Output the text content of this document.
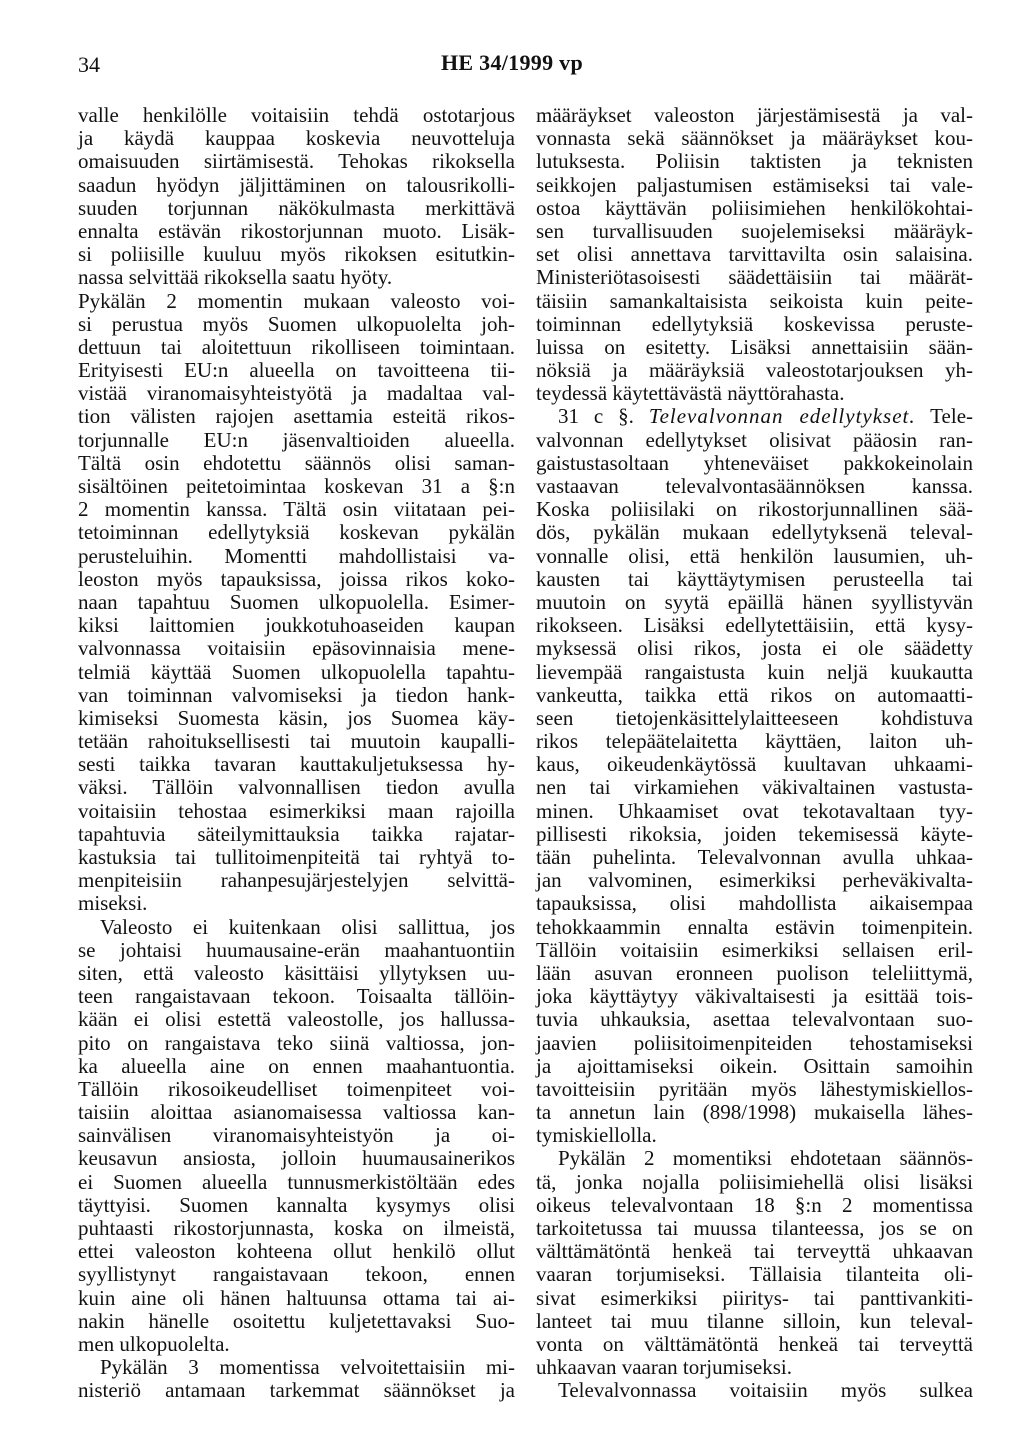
34	HE 34/1999 vp
valle henkilölle voitaisiin tehdä ostotarjous
ja käydä kauppaa koskevia neuvotteluja
omaisuuden siirtämisestä. Tehokas rikoksella
saadun hyödyn jäljittäminen on talousrikolli-
suuden torjunnan näkökulmasta merkittävä
ennalta estävän rikostorjunnan muoto. Lisäk-
si poliisille kuuluu myös rikoksen esitutkin-
nassa selvittää rikoksella saatu hyöty.
Pykälän 2 momentin mukaan valeosto voi-
si perustua myös Suomen ulkopuolelta joh-
dettuun tai aloitettuun rikolliseen toimintaan.
Erityisesti EU:n alueella on tavoitteena tii-
vistää viranomaisyhteistyötä ja madaltaa val-
tion välisten rajojen asettamia esteitä rikos-
torjunnalle EU:n jäsenvaltioiden alueella.
Tältä osin ehdotettu säännös olisi saman-
sisältöinen peitetoimintaa koskevan 31 a §:n
2 momentin kanssa. Tältä osin viitataan pei-
tetoiminnan edellytyksiä koskevan pykälän
perusteluihin. Momentti mahdollistaisi va-
leoston myös tapauksissa, joissa rikos koko-
naan tapahtuu Suomen ulkopuolella. Esimer-
kiksi laittomien joukkotuhoaseiden kaupan
valvonnassa voitaisiin epäsovinnaisia mene-
telmiä käyttää Suomen ulkopuolella tapahtu-
van toiminnan valvomiseksi ja tiedon hank-
kimiseksi Suomesta käsin, jos Suomea käy-
tetään rahoituksellisesti tai muutoin kaupalli-
sesti taikka tavaran kauttakuljetuksessa hy-
väksi. Tällöin valvonnallisen tiedon avulla
voitaisiin tehostaa esimerkiksi maan rajoilla
tapahtuvia säteilymittauksia taikka rajatar-
kastuksia tai tullitoimenpiteitä tai ryhtyä to-
menpiteisiin rahanpesujärjestelyjen selvittä-
miseksi.
Valeosto ei kuitenkaan olisi sallittua, jos
se johtaisi huumausaine-erän maahantuontiin
siten, että valeosto käsittäisi yllytyksen uu-
teen rangaistavaan tekoon. Toisaalta tällöin-
kään ei olisi estettä valeostolle, jos hallussa-
pito on rangaistava teko siinä valtiossa, jon-
ka alueella aine on ennen maahantuontia.
Tällöin rikosoikeudelliset toimenpiteet voi-
taisiin aloittaa asianomaisessa valtiossa kan-
sainvälisen viranomaisyhteistyön ja oi-
keusavun ansiosta, jolloin huumausainerikos
ei Suomen alueella tunnusmerkistöltään edes
täyttyisi. Suomen kannalta kysymys olisi
puhtaasti rikostorjunnasta, koska on ilmeistä,
ettei valeoston kohteena ollut henkilö ollut
syyllistynyt rangaistavaan tekoon, ennen
kuin aine oli hänen haltuunsa ottama tai ai-
nakin hänelle osoitettu kuljetettavaksi Suo-
men ulkopuolelta.
Pykälän 3 momentissa velvoitettaisiin mi-
nisteriö antamaan tarkemmat säännökset ja
määräykset valeoston järjestämisestä ja val-
vonnasta sekä säännökset ja määräykset kou-
lutuksesta. Poliisin taktisten ja teknisten
seikkojen paljastumisen estämiseksi tai vale-
ostoa käyttävän poliisimiehen henkilökohtai-
sen turvallisuuden suojelemiseksi määräyk-
set olisi annettava tarvittavilta osin salaisina.
Ministeriötasoisesti säädettäisiin tai määrät-
täisiin samankaltaisista seikoista kuin peite-
toiminnan edellytyksiä koskevissa peruste-
luissa on esitetty. Lisäksi annettaisiin sään-
nöksiä ja määräyksiä valeostotarjouksen yh-
teydessä käytettävästä näyttörahasta.
31 c §. Televalvonnan edellytykset. Tele-
valvonnan edellytykset olisivat pääosin ran-
gaistustasoltaan yhteneväiset pakkokeinolain
vastaavan televalvontasäännöksen kanssa.
Koska poliisilaki on rikostorjunnallinen sää-
dös, pykälän mukaan edellytyksenä televal-
vonnalle olisi, että henkilön lausumien, uh-
kausten tai käyttäytymisen perusteella tai
muutoin on syytä epäillä hänen syyllistyvän
rikokseen. Lisäksi edellytettäisiin, että kysy-
myksessä olisi rikos, josta ei ole säädetty
lievempää rangaistusta kuin neljä kuukautta
vankeutta, taikka että rikos on automaatti-
seen tietojenkäsittelylaitteeseen kohdistuva
rikos telepäätelaitetta käyttäen, laiton uh-
kaus, oikeudenkäytössä kuultavan uhkaami-
nen tai virkamiehen väkivaltainen vastusta-
minen. Uhkaamiset ovat tekotavaltaan tyy-
pillisesti rikoksia, joiden tekemisessä käyte-
tään puhelinta. Televalvonnan avulla uhkaa-
jan valvominen, esimerkiksi perheväkivalta-
tapauksissa, olisi mahdollista aikaisempaa
tehokkaammin ennalta estävin toimenpitein.
Tällöin voitaisiin esimerkiksi sellaisen eril-
lään asuvan eronneen puolison teleliittymä,
joka käyttäytyy väkivaltaisesti ja esittää tois-
tuvia uhkauksia, asettaa televalvontaan suo-
jaavien poliisitoimenpiteiden tehostamiseksi
ja ajoittamiseksi oikein. Osittain samoihin
tavoitteisiin pyritään myös lähestymiskiellos-
ta annetun lain (898/1998) mukaisella lähes-
tymiskiellolla.
Pykälän 2 momentiksi ehdotetaan säännös-
tä, jonka nojalla poliisimiehellä olisi lisäksi
oikeus televalvontaan 18 §:n 2 momentissa
tarkoitetussa tai muussa tilanteessa, jos se on
välttämätöntä henkeä tai terveyttä uhkaavan
vaaran torjumiseksi. Tällaisia tilanteita oli-
sivat esimerkiksi piiritys- tai panttivankiti-
lanteet tai muu tilanne silloin, kun televal-
vonta on välttämätöntä henkeä tai terveyttä
uhkaavan vaaran torjumiseksi.
Televalvonnassa voitaisiin myös sulkea
